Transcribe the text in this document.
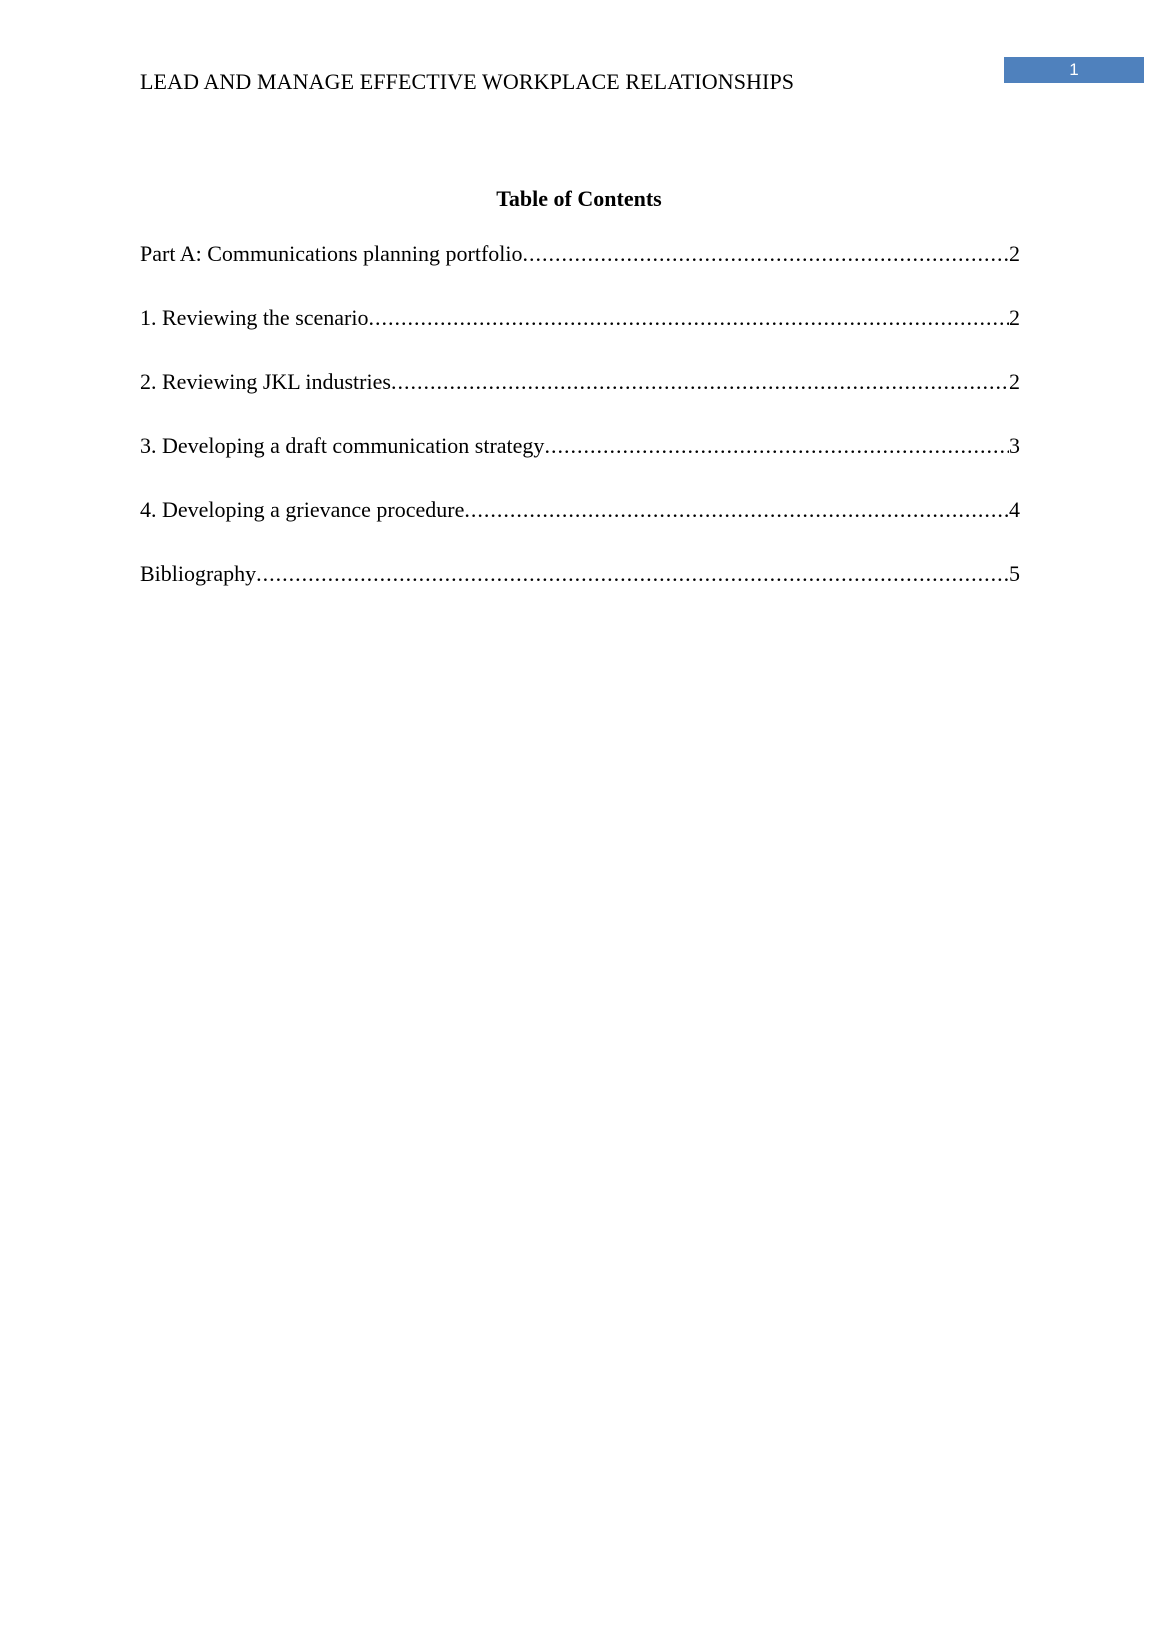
LEAD AND MANAGE EFFECTIVE WORKPLACE RELATIONSHIPS	1
Table of Contents
Part A: Communications planning portfolio .....	2
1. Reviewing the scenario .....	2
2. Reviewing JKL industries .....	2
3. Developing a draft communication strategy .....	3
4. Developing a grievance procedure .....	4
Bibliography .....	5
